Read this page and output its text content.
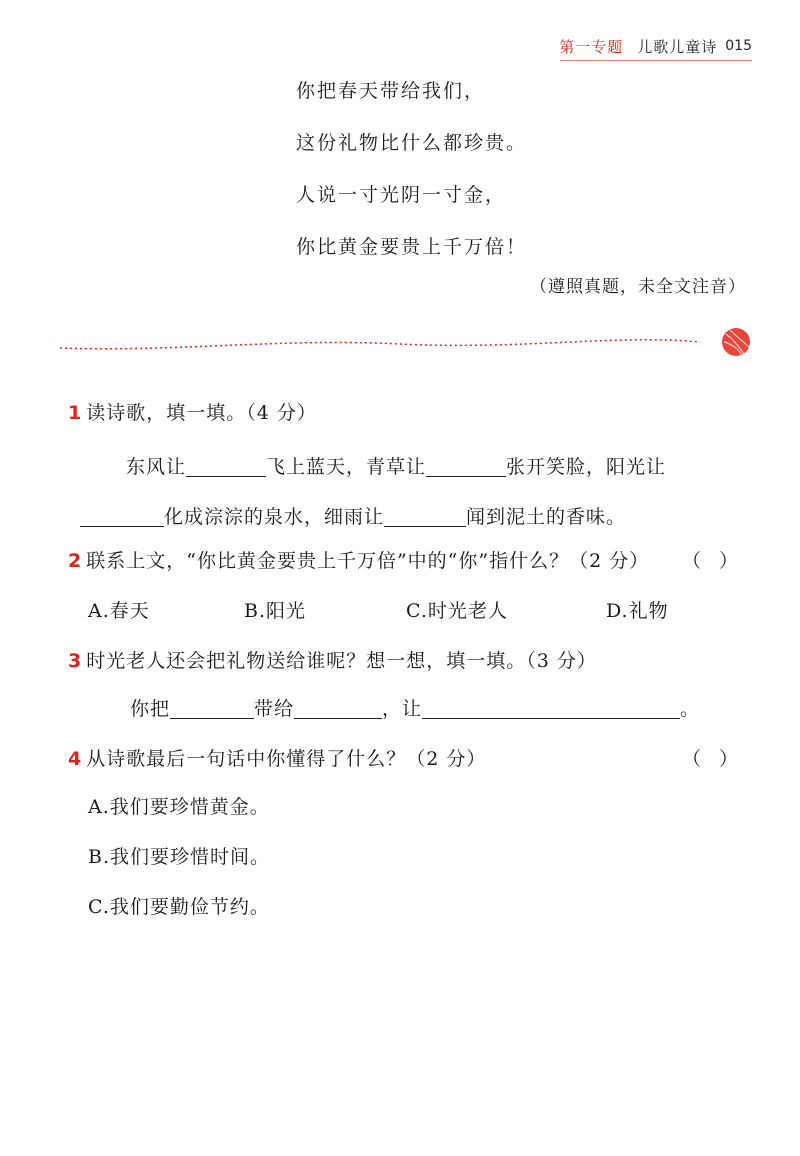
第一专题 儿歌儿童诗 015
你把春天带给我们，
这份礼物比什么都珍贵。
人说一寸光阴一寸金，
你比黄金要贵上千万倍！
（遵照真题，未全文注音）
1 读诗歌，填一填。（4 分）
东风让	飞上蓝天，青草让	张开笑脸，阳光让
化成淙淙的泉水，细雨让	闻到泥土的香味。
2 联系上文，“你比黄金要贵上千万倍”中的“你”指什么？（2 分） （ ）
A.春天	B.阳光	C.时光老人	D.礼物
3 时光老人还会把礼物送给谁呢？想一想，填一填。（3 分）
你把	带给	，让	。
4 从诗歌最后一句话中你懂得了什么？（2 分）	（ ）
A.我们要珍惜黄金。
B.我们要珍惜时间。
C.我们要勤俭节约。
